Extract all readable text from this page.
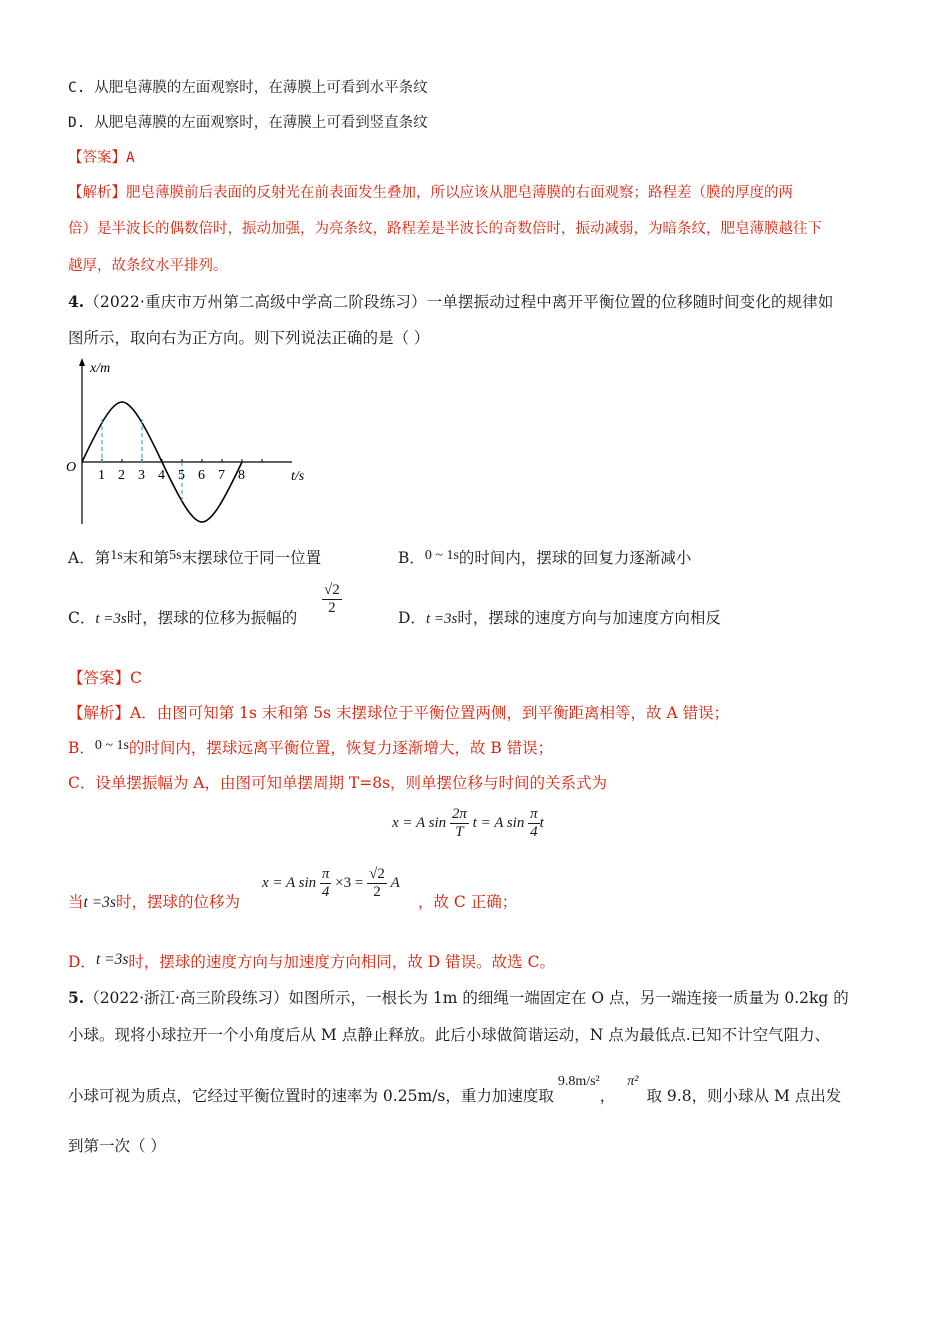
C. 从肥皂薄膜的左面观察时，在薄膜上可看到水平条纹
D. 从肥皂薄膜的左面观察时，在薄膜上可看到竖直条纹
【答案】A
【解析】肥皂薄膜前后表面的反射光在前表面发生叠加，所以应该从肥皂薄膜的右面观察；路程差（膜的厚度的两
倍）是半波长的偶数倍时，振动加强，为亮条纹，路程差是半波长的奇数倍时，振动减弱，为暗条纹，肥皂薄膜越往下
越厚，故条纹水平排列。
4.（2022·重庆市万州第二高级中学高二阶段练习）一单摆振动过程中离开平衡位置的位移随时间变化的规律如
图所示，取向右为正方向。则下列说法正确的是（ ）
x/m
O
t/s
1 2 3 4 5 6 7 8
A．第1s末和第5s末摆球位于同一位置	B．0 ~ 1s的时间内，摆球的回复力逐渐减小
C．t =3s时，摆球的位移为振幅的
$\frac{√2}{2}$
D．t =3s时，摆球的速度方向与加速度方向相反
【答案】C
【解析】A．由图可知第 1s 末和第 5s 末摆球位于平衡位置两侧，到平衡距离相等，故 A 错误；
B．0 ~ 1s的时间内，摆球远离平衡位置，恢复力逐渐增大，故 B 错误；
C．设单摆振幅为 A，由图可知单摆周期 T=8s，则单摆位移与时间的关系式为
x = A $\sin \frac{2\pi}{T}$ t = A $\sin \frac{\pi}{4}$ t
当t =3s时，摆球的位移为
x = A $\sin \frac{\pi}{4} \times 3 = \frac{√2}{2}$ A
，故 C 正确；
D．t =3s时，摆球的速度方向与加速度方向相同，故 D 错误。故选 C。
5.（2022·浙江·高三阶段练习）如图所示，一根长为 1m 的细绳一端固定在 O 点，另一端连接一质量为 0.2kg 的
小球。现将小球拉开一个小角度后从 M 点静止释放。此后小球做简谐运动，N 点为最低点.已知不计空气阻力、
小球可视为质点，它经过平衡位置时的速率为 0.25m/s，重力加速度取9.8m/s²，π²取 9.8，则小球从 M 点出发
到第一次（ ）
